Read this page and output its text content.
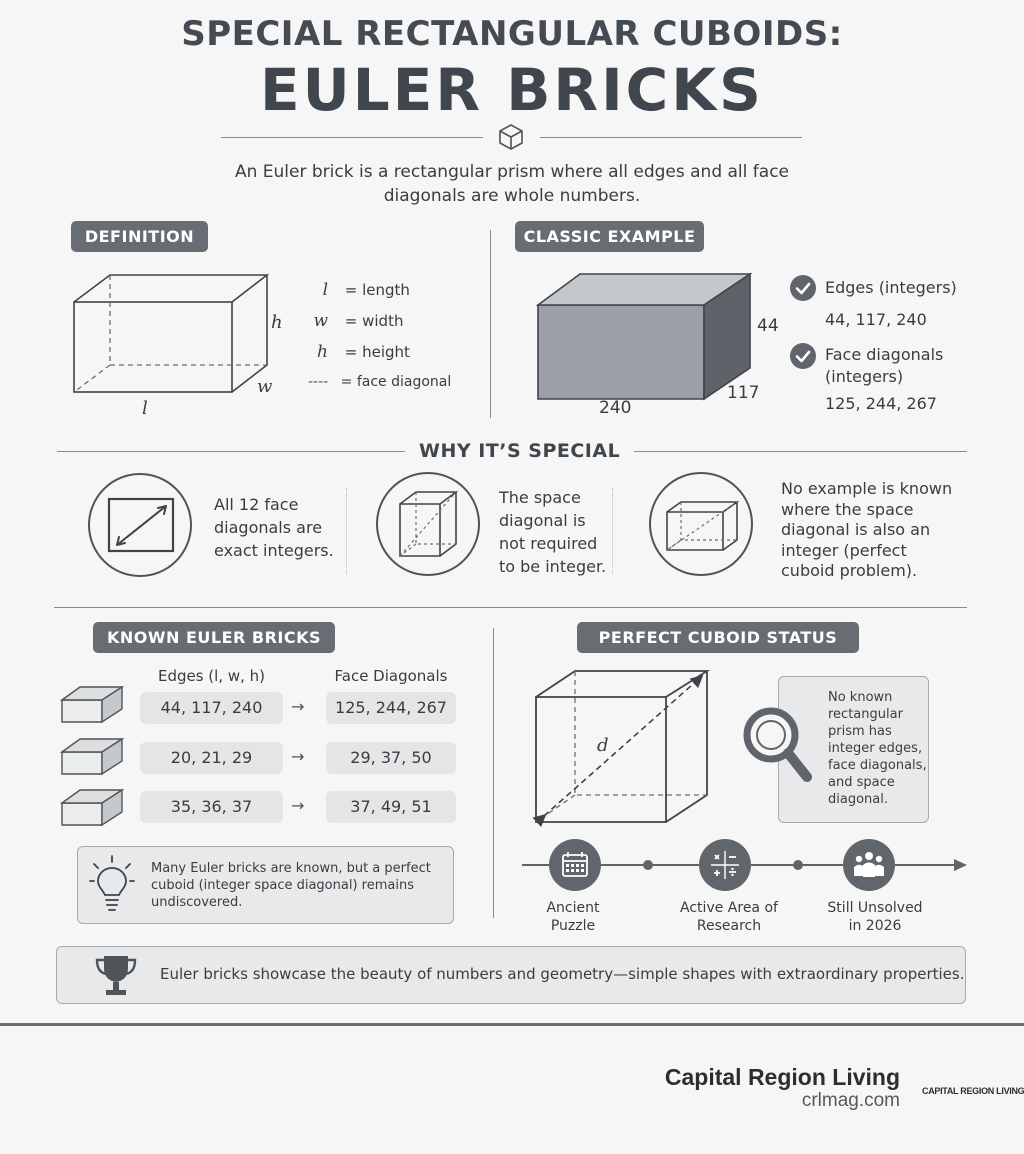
SPECIAL RECTANGULAR CUBOIDS:
EULER BRICKS
An Euler brick is a rectangular prism where all edges and all face diagonals are whole numbers.
DEFINITION
h
w
l
l = length
w = width
h = height
---- = face diagonal
CLASSIC EXAMPLE
240
117
44
Edges (integers)
44, 117, 240
Face diagonals
(integers)
125, 244, 267
WHY IT’S SPECIAL
All 12 face
diagonals are
exact integers.
The space
diagonal is
not required
to be integer.
No example is known
where the space
diagonal is also an
integer (perfect
cuboid problem).
KNOWN EULER BRICKS
Edges (l, w, h)	Face Diagonals
44, 117, 240	→	125, 244, 267
20, 21, 29	→	29, 37, 50
35, 36, 37	→	37, 49, 51
Many Euler bricks are known, but a perfect
cuboid (integer space diagonal) remains
undiscovered.
PERFECT CUBOID STATUS
d
No known
rectangular
prism has
integer edges,
face diagonals,
and space
diagonal.
Ancient
Puzzle
Active Area of
Research
Still Unsolved
in 2026
Euler bricks showcase the beauty of numbers and geometry—simple shapes with extraordinary properties.
Capital Region Living
crlmag.com CAPITAL REGION LIVING
